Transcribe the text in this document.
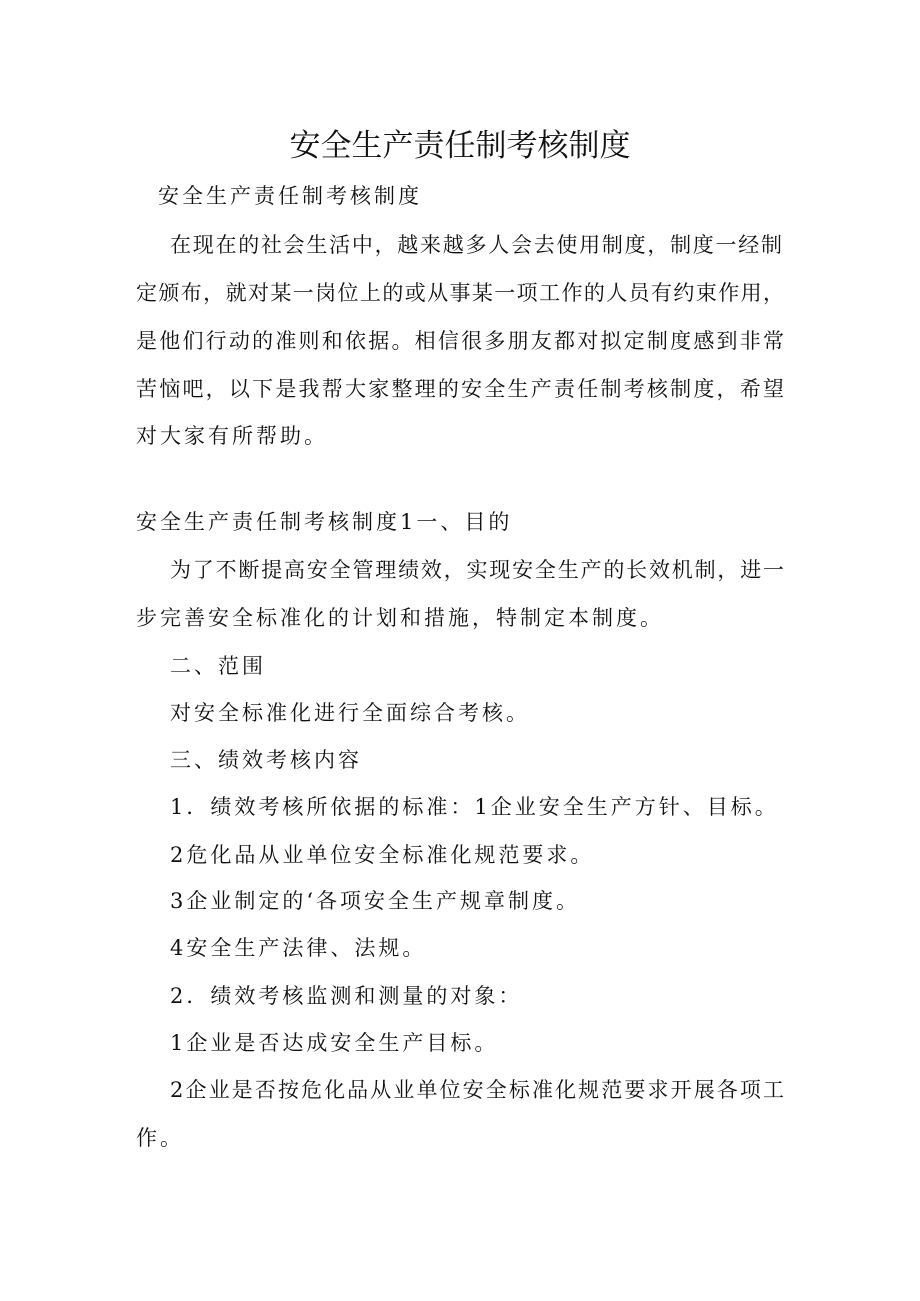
安全生产责任制考核制度

安全生产责任制考核制度

在现在的社会生活中，越来越多人会去使用制度，制度一经制

定颁布，就对某一岗位上的或从事某一项工作的人员有约束作用，

是他们行动的准则和依据。相信很多朋友都对拟定制度感到非常

苦恼吧，以下是我帮大家整理的安全生产责任制考核制度，希望

对大家有所帮助。

安全生产责任制考核制度1一、目的

为了不断提高安全管理绩效，实现安全生产的长效机制，进一

步完善安全标准化的计划和措施，特制定本制度。

二、范围

对安全标准化进行全面综合考核。

三、绩效考核内容

1．绩效考核所依据的标准：1企业安全生产方针、目标。

2危化品从业单位安全标准化规范要求。

3企业制定的‘各项安全生产规章制度。

4安全生产法律、法规。

2．绩效考核监测和测量的对象：

1企业是否达成安全生产目标。

2企业是否按危化品从业单位安全标准化规范要求开展各项工

作。
